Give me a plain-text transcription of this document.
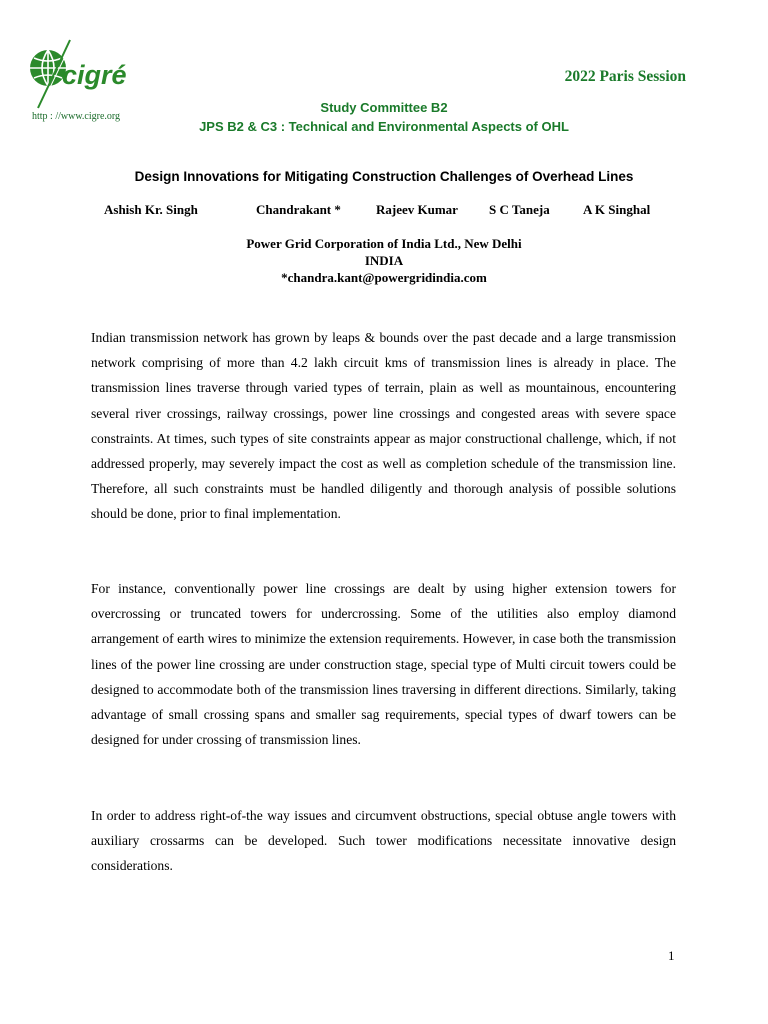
cigré
http : //www.cigre.org
2022 Paris Session
Study Committee B2
JPS B2 & C3 : Technical and Environmental Aspects of OHL
Design Innovations for Mitigating Construction Challenges of Overhead Lines
Ashish Kr. Singh	Chandrakant *	Rajeev Kumar S C Taneja	A K Singhal
Power Grid Corporation of India Ltd., New Delhi
INDIA
*chandra.kant@powergridindia.com

Indian transmission network has grown by leaps & bounds over the past decade and a large transmission network comprising of more than 4.2 lakh circuit kms of transmission lines is already in place. The transmission lines traverse through varied types of terrain, plain as well as mountainous, encountering several river crossings, railway crossings, power line crossings and congested areas with severe space constraints. At times, such types of site constraints appear as major constructional challenge, which, if not addressed properly, may severely impact the cost as well as completion schedule of the transmission line. Therefore, all such constraints must be handled diligently and thorough analysis of possible solutions should be done, prior to final implementation.

For instance, conventionally power line crossings are dealt by using higher extension towers for overcrossing or truncated towers for undercrossing. Some of the utilities also employ diamond arrangement of earth wires to minimize the extension requirements. However, in case both the transmission lines of the power line crossing are under construction stage, special type of Multi circuit towers could be designed to accommodate both of the transmission lines traversing in different directions. Similarly, taking advantage of small crossing spans and smaller sag requirements, special types of dwarf towers can be designed for under crossing of transmission lines.

In order to address right-of-the way issues and circumvent obstructions, special obtuse angle towers with auxiliary crossarms can be developed. Such tower modifications necessitate innovative design considerations.

1
